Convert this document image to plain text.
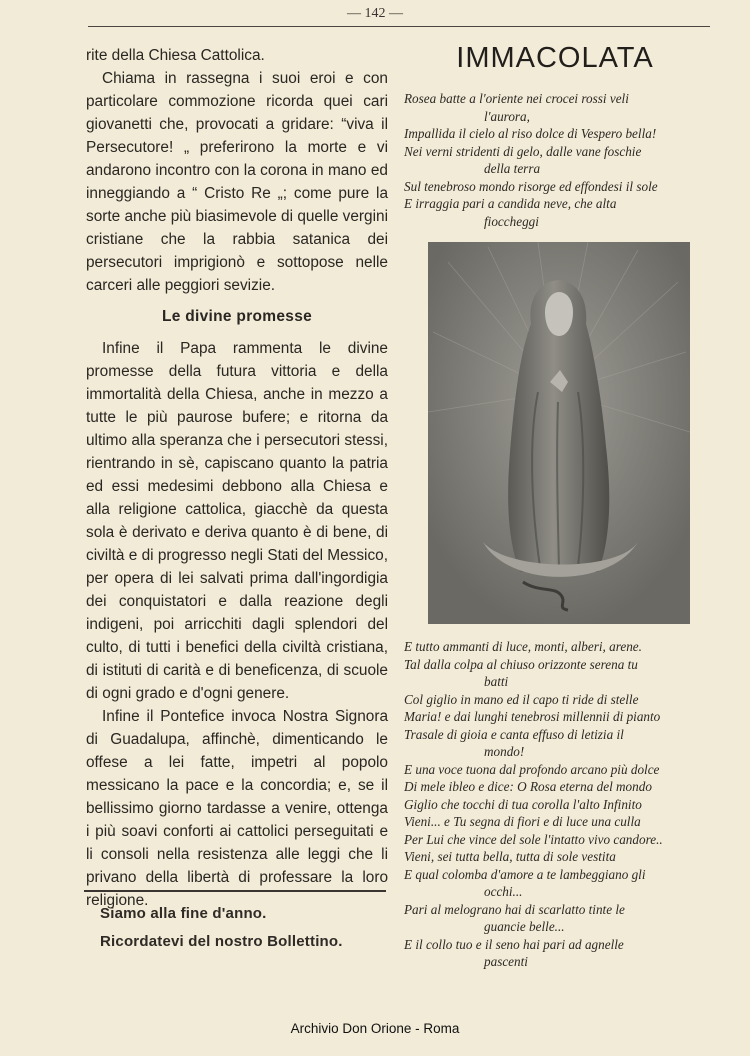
— 142 —

rite della Chiesa Cattolica.

Chiama in rassegna i suoi eroi e con particolare commozione ricorda quei cari giovanetti che, provocati a gridare: “viva il Persecutore! „ preferirono la morte e vi andarono incontro con la corona in mano ed inneggiando a “ Cristo Re „; come pure la sorte anche più biasimevole di quelle vergini cristiane che la rabbia satanica dei persecutori imprigionò e sottopose nelle carceri alle peggiori sevizie.

Le divine promesse

Infine il Papa rammenta le divine promesse della futura vittoria e della immortalità della Chiesa, anche in mezzo a tutte le più paurose bufere; e ritorna da ultimo alla speranza che i persecutori stessi, rientrando in sè, capiscano quanto la patria ed essi medesimi debbono alla Chiesa e alla religione cattolica, giacchè da questa sola è derivato e deriva quanto è di bene, di civiltà e di progresso negli Stati del Messico, per opera di lei salvati prima dall'ingordigia dei conquistatori e dalla reazione degli indigeni, poi arricchiti dagli splendori del culto, di tutti i benefici della civiltà cristiana, di istituti di carità e di beneficenza, di scuole di ogni grado e d'ogni genere.

Infine il Pontefice invoca Nostra Signora di Guadalupa, affinchè, dimenticando le offese a lei fatte, impetri al popolo messicano la pace e la concordia; e, se il bellissimo giorno tardasse a venire, ottenga i più soavi conforti ai cattolici perseguitati e li consoli nella resistenza alle leggi che li privano della libertà di professare la loro religione.

Siamo alla fine d'anno.
Ricordatevi del nostro Bollettino.
IMMACOLATA
Rosea batte a l'oriente nei crocei rossi veli
l'aurora,
Impallida il cielo al riso dolce di Vespero bella!
Nei verni stridenti di gelo, dalle vane foschie
della terra
Sul tenebroso mondo risorge ed effondesi il sole
E irraggia pari a candida neve, che alta
fioccheggi
E tutto ammanti di luce, monti, alberi, arene.
Tal dalla colpa al chiuso orizzonte serena tu
batti
Col giglio in mano ed il capo ti ride di stelle
Maria! e dai lunghi tenebrosi millennii di pianto
Trasale di gioia e canta effuso di letizia il
mondo!
E una voce tuona dal profondo arcano più dolce
Di mele ibleo e dice: O Rosa eterna del mondo
Giglio che tocchi di tua corolla l'alto Infinito
Vieni... e Tu segna di fiori e di luce una culla
Per Lui che vince del sole l'intatto vivo candore..
Vieni, sei tutta bella, tutta di sole vestita
E qual colomba d'amore a te lambeggiano gli
occhi...
Pari al melograno hai di scarlatto tinte le
guancie belle...
E il collo tuo e il seno hai pari ad agnelle
pascenti
Archivio Don Orione - Roma
